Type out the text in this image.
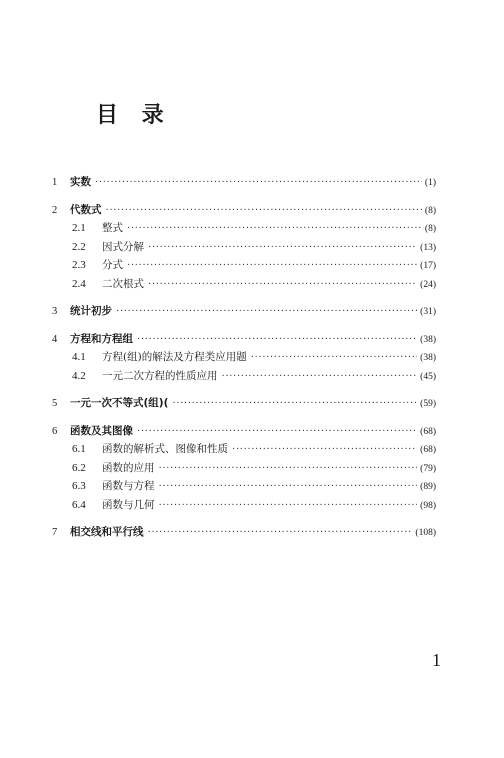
目 录
1	实数 ·····	(1)
2	代数式 ·····	(8)
2.1	整式 ·····	(8)
2.2	因式分解 ·····	(13)
2.3	分式 ·····	(17)
2.4	二次根式 ·····	(24)
3	统计初步 ·····	(31)
4	方程和方程组 ·····	(38)
4.1	方程(组)的解法及方程类应用题 ·····	(38)
4.2	一元二次方程的性质应用 ·····	(45)
5	一元一次不等式(组)( ·····	(59)
6	函数及其图像 ·····	(68)
6.1	函数的解析式、图像和性质 ·····	(68)
6.2	函数的应用 ·····	(79)
6.3	函数与方程 ·····	(89)
6.4	函数与几何 ·····	(98)
7	相交线和平行线 ·····	(108)

1
